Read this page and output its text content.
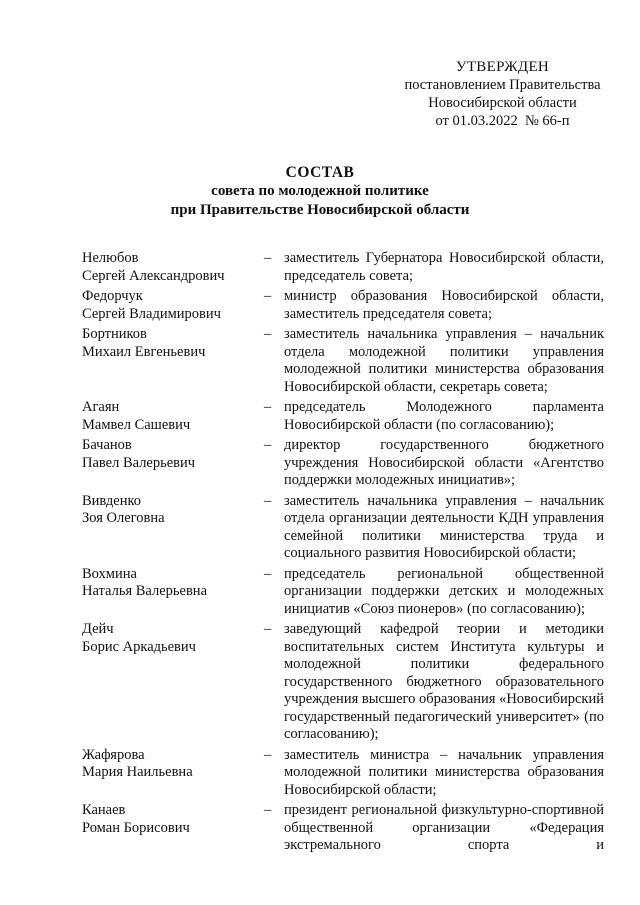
УТВЕРЖДЕН
постановлением Правительства
Новосибирской области
от 01.03.2022  № 66-п
СОСТАВ
совета по молодежной политике
при Правительстве Новосибирской области
Нелюбов
Сергей Александрович
– заместитель Губернатора Новосибирской области, председатель совета;
Федорчук
Сергей Владимирович
– министр образования Новосибирской области, заместитель председателя совета;
Бортников
Михаил Евгеньевич
– заместитель начальника управления – начальник отдела молодежной политики управления молодежной политики министерства образования Новосибирской области, секретарь совета;
Агаян
Мамвел Сашевич
– председатель Молодежного парламента Новосибирской области (по согласованию);
Бачанов
Павел Валерьевич
– директор государственного бюджетного учреждения Новосибирской области «Агентство поддержки молодежных инициатив»;
Вивденко
Зоя Олеговна
– заместитель начальника управления – начальник отдела организации деятельности КДН управления семейной политики министерства труда и социального развития Новосибирской области;
Вохмина
Наталья Валерьевна
– председатель региональной общественной организации поддержки детских и молодежных инициатив «Союз пионеров» (по согласованию);
Дейч
Борис Аркадьевич
– заведующий кафедрой теории и методики воспитательных систем Института культуры и молодежной политики федерального государственного бюджетного образовательного учреждения высшего образования «Новосибирский государственный педагогический университет» (по согласованию);
Жафярова
Мария Наильевна
– заместитель министра – начальник управления молодежной политики министерства образования Новосибирской области;
Канаев
Роман Борисович
– президент региональной физкультурно-спортивной общественной организации «Федерация экстремального спорта и
